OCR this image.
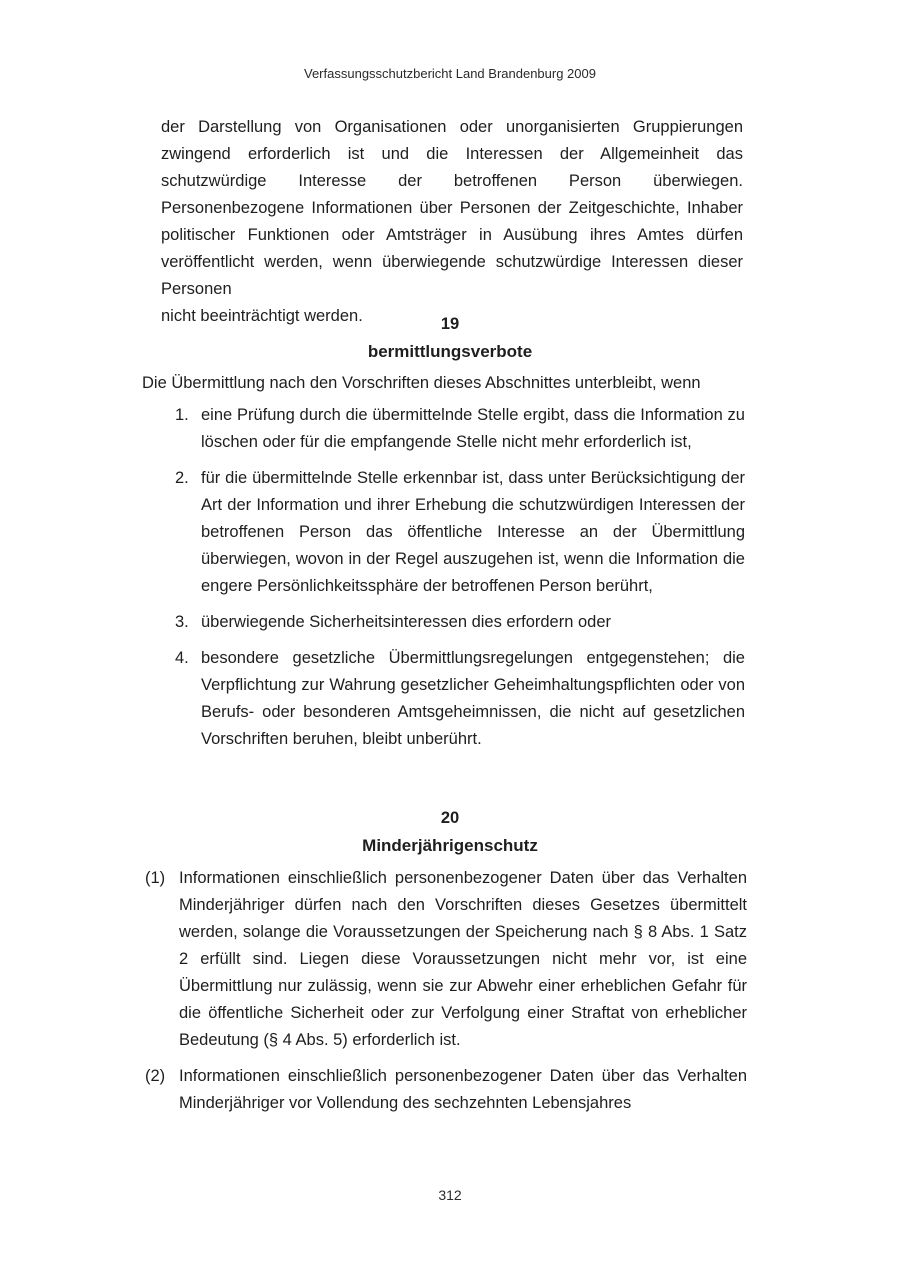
Verfassungsschutzbericht Land Brandenburg 2009
der Darstellung von Organisationen oder unorganisierten Gruppierungen zwingend erforderlich ist und die Interessen der Allgemeinheit das schutzwürdige Interesse der betroffenen Person überwiegen. Personenbezogene Informationen über Personen der Zeitgeschichte, Inhaber politischer Funktionen oder Amtsträger in Ausübung ihres Amtes dürfen veröffentlicht werden, wenn überwiegende schutzwürdige Interessen dieser Personen
nicht beeinträchtigt werden.	19
bermittlungsverbote
Die Übermittlung nach den Vorschriften dieses Abschnittes unterbleibt, wenn
1. eine Prüfung durch die übermittelnde Stelle ergibt, dass die Information zu löschen oder für die empfangende Stelle nicht mehr erforderlich ist,
2. für die übermittelnde Stelle erkennbar ist, dass unter Berücksichtigung der Art der Information und ihrer Erhebung die schutzwürdigen Interessen der betroffenen Person das öffentliche Interesse an der Übermittlung überwiegen, wovon in der Regel auszugehen ist, wenn die Information die engere Persönlichkeitssphäre der betroffenen Person berührt,
3. überwiegende Sicherheitsinteressen dies erfordern oder
4. besondere gesetzliche Übermittlungsregelungen entgegenstehen; die Verpflichtung zur Wahrung gesetzlicher Geheimhaltungspflichten oder von Berufs- oder besonderen Amtsgeheimnissen, die nicht auf gesetzlichen Vorschriften beruhen, bleibt unberührt.
20
Minderjährigenschutz
(1) Informationen einschließlich personenbezogener Daten über das Verhalten Minderjähriger dürfen nach den Vorschriften dieses Gesetzes übermittelt werden, solange die Voraussetzungen der Speicherung nach § 8 Abs. 1 Satz 2 erfüllt sind. Liegen diese Voraussetzungen nicht mehr vor, ist eine Übermittlung nur zulässig, wenn sie zur Abwehr einer erheblichen Gefahr für die öffentliche Sicherheit oder zur Verfolgung einer Straftat von erheblicher Bedeutung (§ 4 Abs. 5) erforderlich ist.
(2) Informationen einschließlich personenbezogener Daten über das Verhalten Minderjähriger vor Vollendung des sechzehnten Lebensjahres
312
